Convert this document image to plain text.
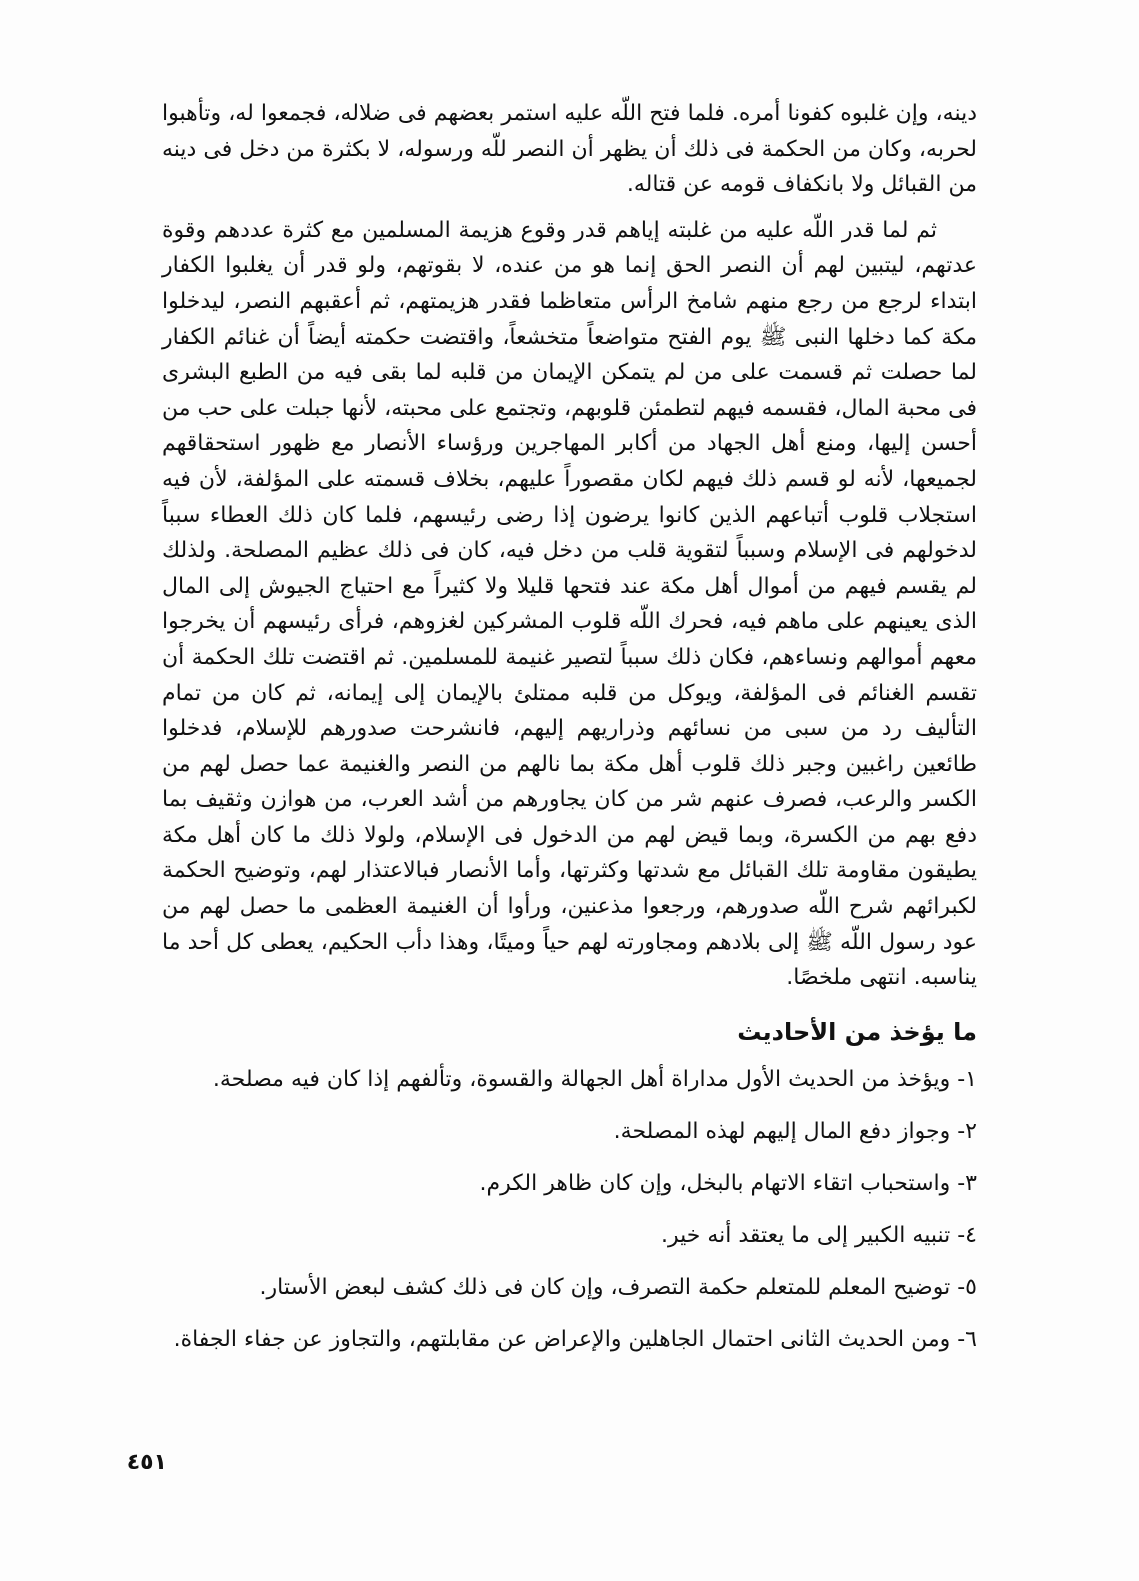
دينه، وإن غلبوه كفونا أمره. فلما فتح اللّه عليه استمر بعضهم فى ضلاله، فجمعوا له، وتأهبوا لحربه، وكان من الحكمة فى ذلك أن يظهر أن النصر للّه ورسوله، لا بكثرة من دخل فى دينه من القبائل ولا بانكفاف قومه عن قتاله.

ثم لما قدر اللّه عليه من غلبته إياهم قدر وقوع هزيمة المسلمين مع كثرة عددهم وقوة عدتهم، ليتبين لهم أن النصر الحق إنما هو من عنده، لا بقوتهم، ولو قدر أن يغلبوا الكفار ابتداء لرجع من رجع منهم شامخ الرأس متعاظما فقدر هزيمتهم، ثم أعقبهم النصر، ليدخلوا مكة كما دخلها النبى ﷺ يوم الفتح متواضعاً متخشعاً، واقتضت حكمته أيضاً أن غنائم الكفار لما حصلت ثم قسمت على من لم يتمكن الإيمان من قلبه لما بقى فيه من الطبع البشرى فى محبة المال، فقسمه فيهم لتطمئن قلوبهم، وتجتمع على محبته، لأنها جبلت على حب من أحسن إليها، ومنع أهل الجهاد من أكابر المهاجرين ورؤساء الأنصار مع ظهور استحقاقهم لجميعها، لأنه لو قسم ذلك فيهم لكان مقصوراً عليهم، بخلاف قسمته على المؤلفة، لأن فيه استجلاب قلوب أتباعهم الذين كانوا يرضون إذا رضى رئيسهم، فلما كان ذلك العطاء سبباً لدخولهم فى الإسلام وسبباً لتقوية قلب من دخل فيه، كان فى ذلك عظيم المصلحة. ولذلك لم يقسم فيهم من أموال أهل مكة عند فتحها قليلا ولا كثيراً مع احتياج الجيوش إلى المال الذى يعينهم على ماهم فيه، فحرك اللّه قلوب المشركين لغزوهم، فرأى رئيسهم أن يخرجوا معهم أموالهم ونساءهم، فكان ذلك سبباً لتصير غنيمة للمسلمين. ثم اقتضت تلك الحكمة أن تقسم الغنائم فى المؤلفة، ويوكل من قلبه ممتلئ بالإيمان إلى إيمانه، ثم كان من تمام التأليف رد من سبى من نسائهم وذراريهم إليهم، فانشرحت صدورهم للإسلام، فدخلوا طائعين راغبين وجبر ذلك قلوب أهل مكة بما نالهم من النصر والغنيمة عما حصل لهم من الكسر والرعب، فصرف عنهم شر من كان يجاورهم من أشد العرب، من هوازن وثقيف بما دفع بهم من الكسرة، وبما قيض لهم من الدخول فى الإسلام، ولولا ذلك ما كان أهل مكة يطيقون مقاومة تلك القبائل مع شدتها وكثرتها، وأما الأنصار فبالاعتذار لهم، وتوضيح الحكمة لكبرائهم شرح اللّه صدورهم، ورجعوا مذعنين، ورأوا أن الغنيمة العظمى ما حصل لهم من عود رسول اللّه ﷺ إلى بلادهم ومجاورته لهم حياً وميتًا، وهذا دأب الحكيم، يعطى كل أحد ما يناسبه. انتهى ملخصًا.

ما يؤخذ من الأحاديث
١- ويؤخذ من الحديث الأول مداراة أهل الجهالة والقسوة، وتألفهم إذا كان فيه مصلحة.
٢- وجواز دفع المال إليهم لهذه المصلحة.
٣- واستحباب اتقاء الاتهام بالبخل، وإن كان ظاهر الكرم.
٤- تنبيه الكبير إلى ما يعتقد أنه خير.
٥- توضيح المعلم للمتعلم حكمة التصرف، وإن كان فى ذلك كشف لبعض الأستار.
٦- ومن الحديث الثانى احتمال الجاهلين والإعراض عن مقابلتهم، والتجاوز عن جفاء الجفاة.
٤٥١
